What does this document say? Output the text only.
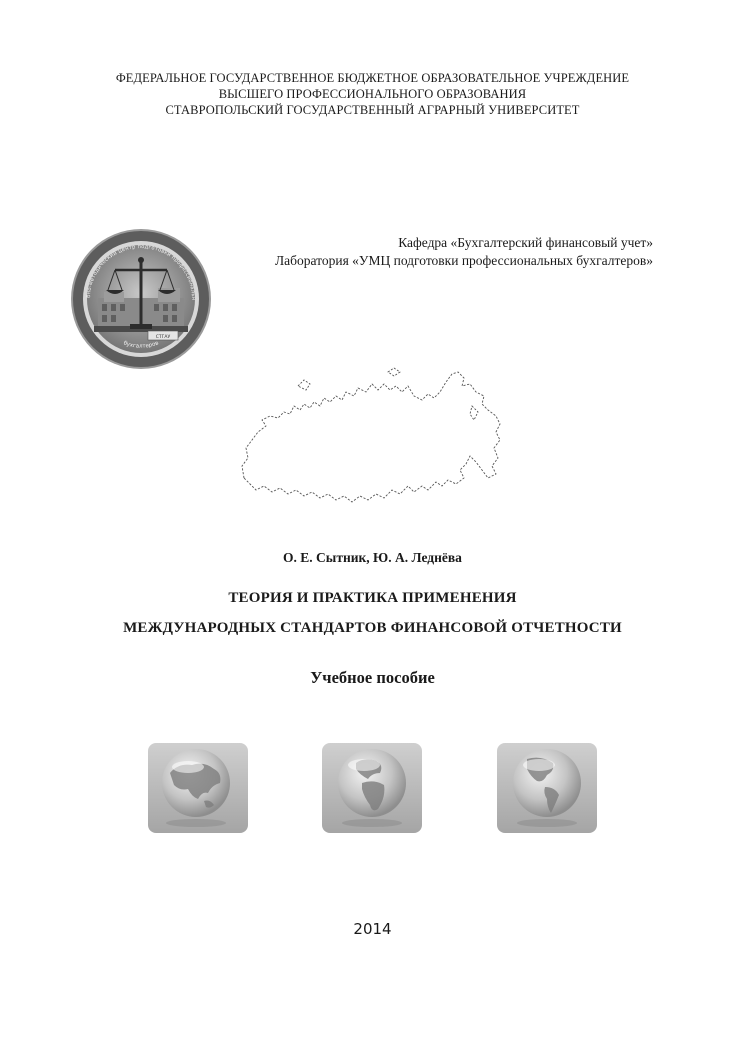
ФЕДЕРАЛЬНОЕ ГОСУДАРСТВЕННОЕ БЮДЖЕТНОЕ ОБРАЗОВАТЕЛЬНОЕ УЧРЕЖДЕНИЕ
ВЫСШЕГО ПРОФЕССИОНАЛЬНОГО ОБРАЗОВАНИЯ
СТАВРОПОЛЬСКИЙ ГОСУДАРСТВЕННЫЙ АГРАРНЫЙ УНИВЕРСИТЕТ
СТГАУ
бно-методический центр подготовки профессиональн
бухгалтеров
Кафедра «Бухгалтерский финансовый учет»
Лаборатория «УМЦ подготовки профессиональных бухгалтеров»
О. Е. Сытник, Ю. А. Леднёва
ТЕОРИЯ И ПРАКТИКА ПРИМЕНЕНИЯ
МЕЖДУНАРОДНЫХ СТАНДАРТОВ ФИНАНСОВОЙ ОТЧЕТНОСТИ
Учебное пособие
2014
